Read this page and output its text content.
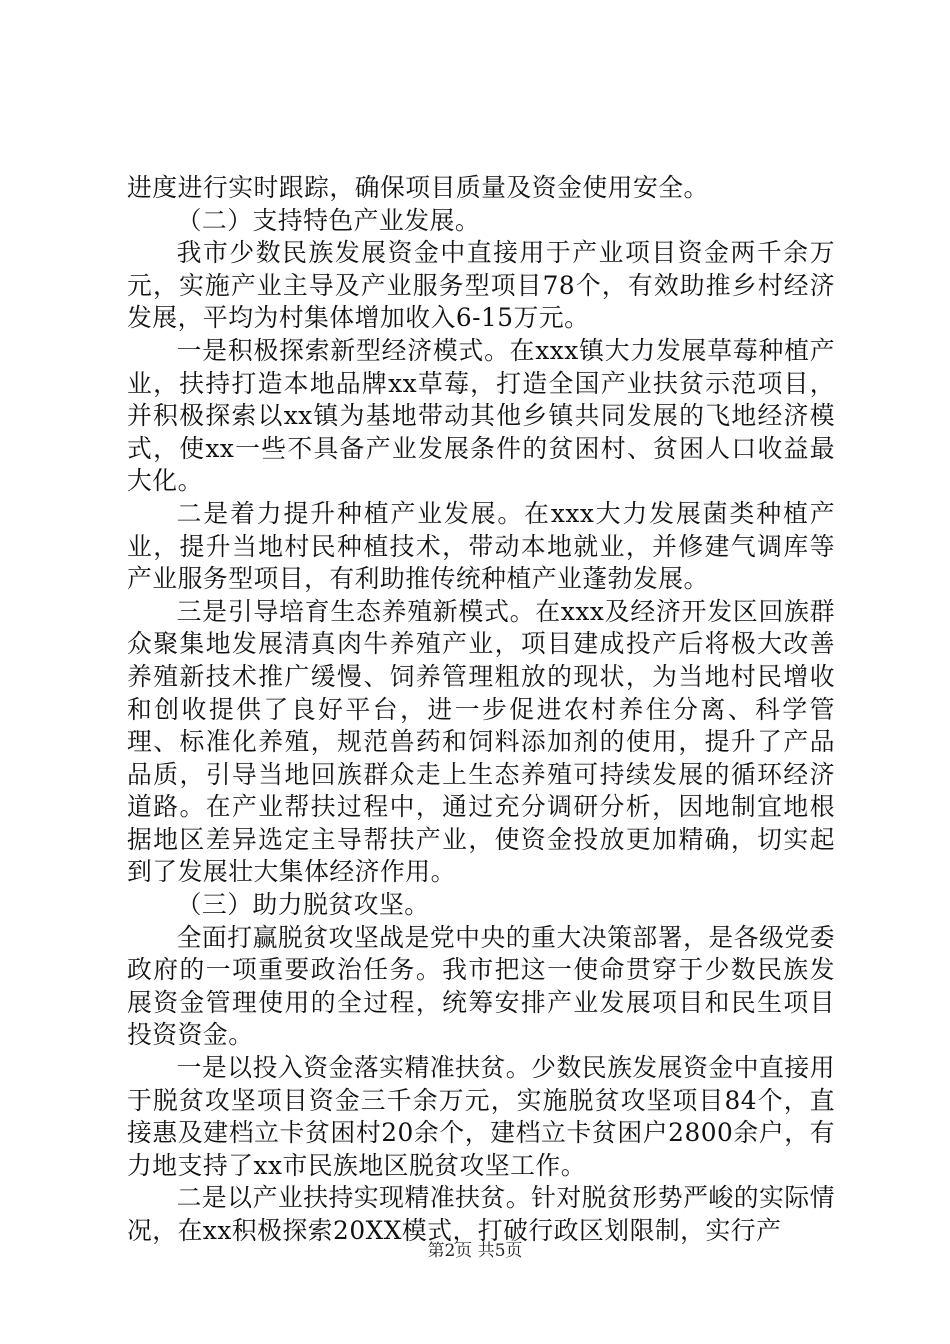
进度进行实时跟踪，确保项目质量及资金使用安全。

（二）支持特色产业发展。

我市少数民族发展资金中直接用于产业项目资金两千余万元，实施产业主导及产业服务型项目78个，有效助推乡村经济发展，平均为村集体增加收入6-15万元。

一是积极探索新型经济模式。在xxx镇大力发展草莓种植产业，扶持打造本地品牌xx草莓，打造全国产业扶贫示范项目，并积极探索以xx镇为基地带动其他乡镇共同发展的飞地经济模式，使xx一些不具备产业发展条件的贫困村、贫困人口收益最大化。

二是着力提升种植产业发展。在xxx大力发展菌类种植产业，提升当地村民种植技术，带动本地就业，并修建气调库等产业服务型项目，有利助推传统种植产业蓬勃发展。

三是引导培育生态养殖新模式。在xxx及经济开发区回族群众聚集地发展清真肉牛养殖产业，项目建成投产后将极大改善养殖新技术推广缓慢、饲养管理粗放的现状，为当地村民增收和创收提供了良好平台，进一步促进农村养住分离、科学管理、标准化养殖，规范兽药和饲料添加剂的使用，提升了产品品质，引导当地回族群众走上生态养殖可持续发展的循环经济道路。在产业帮扶过程中，通过充分调研分析，因地制宜地根据地区差异选定主导帮扶产业，使资金投放更加精确，切实起到了发展壮大集体经济作用。

（三）助力脱贫攻坚。

全面打赢脱贫攻坚战是党中央的重大决策部署，是各级党委政府的一项重要政治任务。我市把这一使命贯穿于少数民族发展资金管理使用的全过程，统筹安排产业发展项目和民生项目投资资金。

一是以投入资金落实精准扶贫。少数民族发展资金中直接用于脱贫攻坚项目资金三千余万元，实施脱贫攻坚项目84个，直接惠及建档立卡贫困村20余个，建档立卡贫困户2800余户，有力地支持了xx市民族地区脱贫攻坚工作。

二是以产业扶持实现精准扶贫。针对脱贫形势严峻的实际情况，在xx积极探索20XX模式，打破行政区划限制，实行产

第2页 共5页
